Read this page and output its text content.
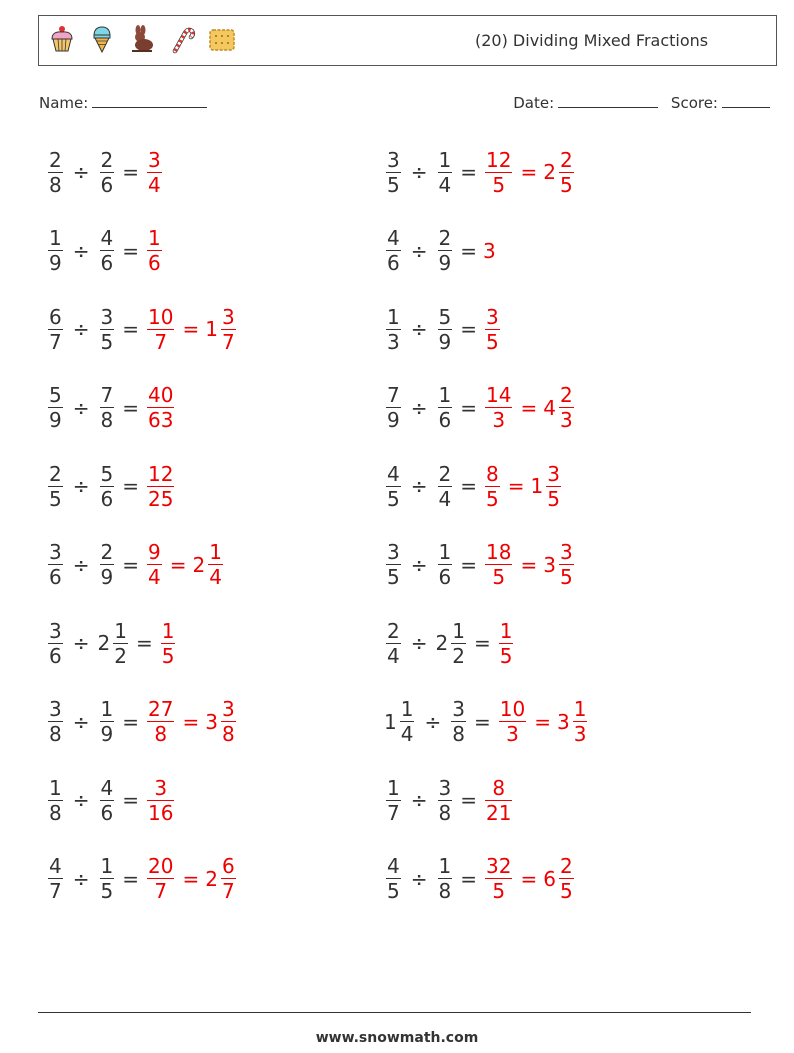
(20) Dividing Mixed Fractions
Name:	Date:	Score:
$\frac{2}{8} \div \frac{2}{6} = \frac{3}{4}$	$\frac{3}{5} \div \frac{1}{4} = \frac{12}{5} = 2 \frac{2}{5}$
$\frac{1}{9} \div \frac{4}{6} = \frac{1}{6}$	$\frac{4}{6} \div \frac{2}{9} = 3$
$\frac{6}{7} \div \frac{3}{5} = \frac{10}{7} = 1 \frac{3}{7}$	$\frac{1}{3} \div \frac{5}{9} = \frac{3}{5}$
$\frac{5}{9} \div \frac{7}{8} = \frac{40}{63}$	$\frac{7}{9} \div \frac{1}{6} = \frac{14}{3} = 4 \frac{2}{3}$
$\frac{2}{5} \div \frac{5}{6} = \frac{12}{25}$	$\frac{4}{5} \div \frac{2}{4} = \frac{8}{5} = 1 \frac{3}{5}$
$\frac{3}{6} \div \frac{2}{9} = \frac{9}{4} = 2 \frac{1}{4}$	$\frac{3}{5} \div \frac{1}{6} = \frac{18}{5} = 3 \frac{3}{5}$
$\frac{3}{6} \div 2 \frac{1}{2} = \frac{1}{5}$	$\frac{2}{4} \div 2 \frac{1}{2} = \frac{1}{5}$
$\frac{3}{8} \div \frac{1}{9} = \frac{27}{8} = 3 \frac{3}{8}$	$1 \frac{1}{4} \div \frac{3}{8} = \frac{10}{3} = 3 \frac{1}{3}$
$\frac{1}{8} \div \frac{4}{6} = \frac{3}{16}$	$\frac{1}{7} \div \frac{3}{8} = \frac{8}{21}$
$\frac{4}{7} \div \frac{1}{5} = \frac{20}{7} = 2 \frac{6}{7}$	$\frac{4}{5} \div \frac{1}{8} = \frac{32}{5} = 6 \frac{2}{5}$
www.snowmath.com
